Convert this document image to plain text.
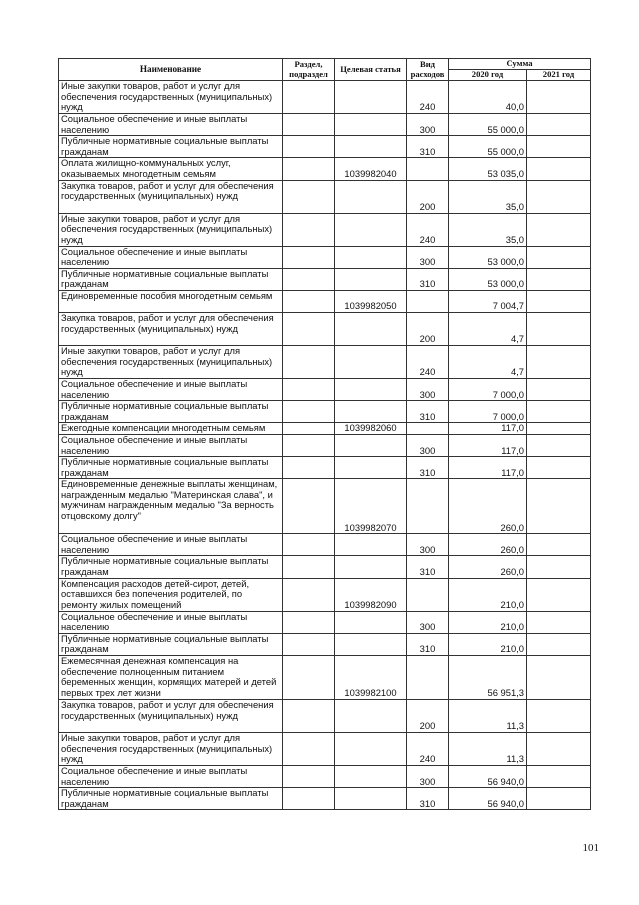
Наименование	Раздел, подраздел	Целевая статья	Вид расходов	Сумма	
				2020 год	2021 год
Иные закупки товаров, работ и услуг для обеспечения государственных (муниципальных) нужд			240	40,0	
Социальное обеспечение и иные выплаты населению			300	55 000,0	
Публичные нормативные социальные выплаты гражданам			310	55 000,0	
Оплата жилищно-коммунальных услуг, оказываемых многодетным семьям		1039982040		53 035,0	
Закупка товаров, работ и услуг для обеспечения государственных (муниципальных) нужд			200	35,0	
Иные закупки товаров, работ и услуг для обеспечения государственных (муниципальных) нужд			240	35,0	
Социальное обеспечение и иные выплаты населению			300	53 000,0	
Публичные нормативные социальные выплаты гражданам			310	53 000,0	
Единовременные пособия многодетным семьям		1039982050		7 004,7	
Закупка товаров, работ и услуг для обеспечения государственных (муниципальных) нужд			200	4,7	
Иные закупки товаров, работ и услуг для обеспечения государственных (муниципальных) нужд			240	4,7	
Социальное обеспечение и иные выплаты населению			300	7 000,0	
Публичные нормативные социальные выплаты гражданам			310	7 000,0	
Ежегодные компенсации многодетным семьям		1039982060		117,0	
Социальное обеспечение и иные выплаты населению			300	117,0	
Публичные нормативные социальные выплаты гражданам			310	117,0	
Единовременные денежные выплаты женщинам, награжденным медалью "Материнская слава", и мужчинам награжденным медалью "За верность отцовскому долгу"		1039982070		260,0	
Социальное обеспечение и иные выплаты населению			300	260,0	
Публичные нормативные социальные выплаты гражданам			310	260,0	
Компенсация расходов детей-сирот, детей, оставшихся без попечения родителей, по ремонту жилых помещений		1039982090		210,0	
Социальное обеспечение и иные выплаты населению			300	210,0	
Публичные нормативные социальные выплаты гражданам			310	210,0	
Ежемесячная денежная компенсация на обеспечение полноценным питанием беременных женщин, кормящих матерей и детей первых трех лет жизни		1039982100		56 951,3	
Закупка товаров, работ и услуг для обеспечения государственных (муниципальных) нужд			200	11,3	
Иные закупки товаров, работ и услуг для обеспечения государственных (муниципальных) нужд			240	11,3	
Социальное обеспечение и иные выплаты населению			300	56 940,0	
Публичные нормативные социальные выплаты гражданам			310	56 940,0	
101
